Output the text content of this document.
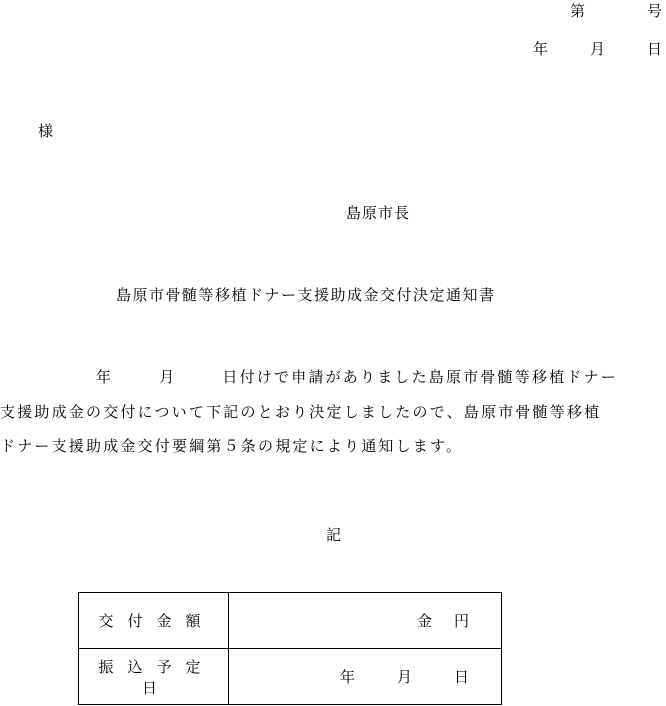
第	号
年	月	日
様
島原市長
島原市骨髄等移植ドナー支援助成金交付決定通知書
年	月	日付けで申請がありました島原市骨髄等移植ドナー
支援助成金の交付について下記のとおり決定しましたので、島原市骨髄等移植
ドナー支援助成金交付要綱第５条の規定により通知します。
記
交付金額	金 円
振込予定日	年 月 日
